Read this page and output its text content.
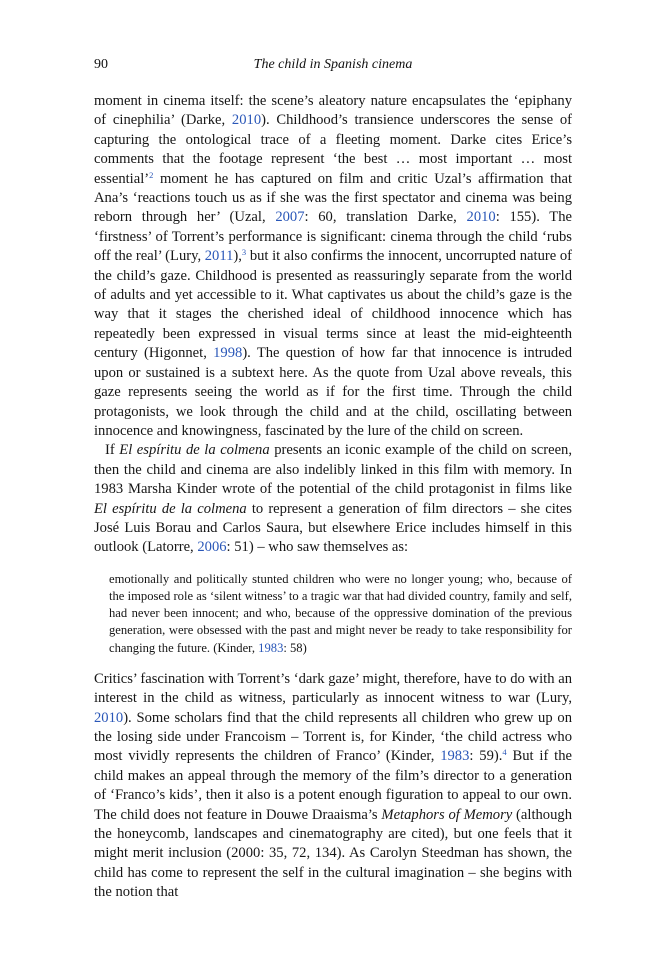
90	The child in Spanish cinema

moment in cinema itself: the scene’s aleatory nature encapsulates the ‘epiphany of cinephilia’ (Darke, 2010). Childhood’s transience underscores the sense of capturing the ontological trace of a fleeting moment. Darke cites Erice’s comments that the footage represent ‘the best … most important … most essential’$^2$ moment he has captured on film and critic Uzal’s affirmation that Ana’s ‘reactions touch us as if she was the first spectator and cinema was being reborn through her’ (Uzal, 2007: 60, translation Darke, 2010: 155). The ‘firstness’ of Torrent’s performance is significant: cinema through the child ‘rubs off the real’ (Lury, 2011),$^3$ but it also confirms the innocent, uncorrupted nature of the child’s gaze. Childhood is presented as reassuringly separate from the world of adults and yet accessible to it. What captivates us about the child’s gaze is the way that it stages the cherished ideal of childhood innocence which has repeatedly been expressed in visual terms since at least the mid-eighteenth century (Higonnet, 1998). The question of how far that innocence is intruded upon or sustained is a subtext here. As the quote from Uzal above reveals, this gaze represents seeing the world as if for the first time. Through the child protagonists, we look through the child and at the child, oscillating between innocence and knowingness, fascinated by the lure of the child on screen.

If El espíritu de la colmena presents an iconic example of the child on screen, then the child and cinema are also indelibly linked in this film with memory. In 1983 Marsha Kinder wrote of the potential of the child protagonist in films like El espíritu de la colmena to represent a generation of film directors – she cites José Luis Borau and Carlos Saura, but elsewhere Erice includes himself in this outlook (Latorre, 2006: 51) – who saw themselves as:

emotionally and politically stunted children who were no longer young; who, because of the imposed role as ‘silent witness’ to a tragic war that had divided country, family and self, had never been innocent; and who, because of the oppressive domination of the previous generation, were obsessed with the past and might never be ready to take responsibility for changing the future. (Kinder, 1983: 58)

Critics’ fascination with Torrent’s ‘dark gaze’ might, therefore, have to do with an interest in the child as witness, particularly as innocent witness to war (Lury, 2010). Some scholars find that the child represents all children who grew up on the losing side under Francoism – Torrent is, for Kinder, ‘the child actress who most vividly represents the children of Franco’ (Kinder, 1983: 59).$^4$ But if the child makes an appeal through the memory of the film’s director to a generation of ‘Franco’s kids’, then it also is a potent enough figuration to appeal to our own. The child does not feature in Douwe Draaisma’s Metaphors of Memory (although the honeycomb, landscapes and cinematography are cited), but one feels that it might merit inclusion (2000: 35, 72, 134). As Carolyn Steedman has shown, the child has come to represent the self in the cultural imagination – she begins with the notion that
